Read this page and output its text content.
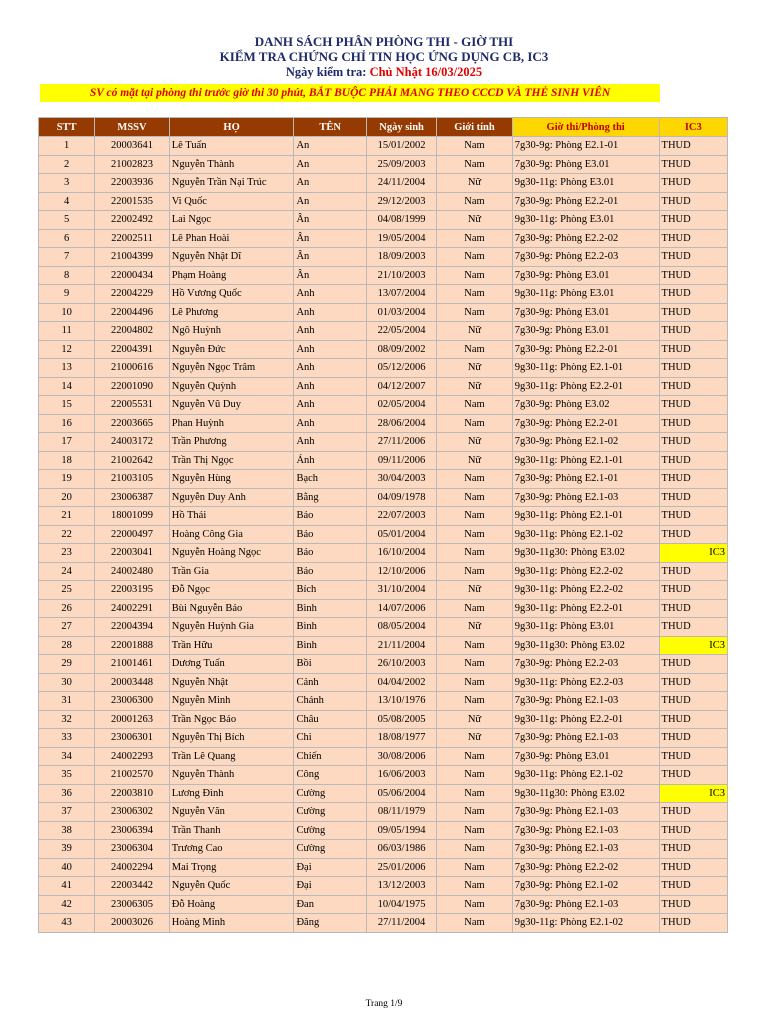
DANH SÁCH PHÂN PHÒNG THI - GIỜ THI
KIỂM TRA CHỨNG CHỈ TIN HỌC ỨNG DỤNG CB, IC3
Ngày kiểm tra: Chủ Nhật 16/03/2025
SV có mặt tại phòng thi trước giờ thi 30 phút, BẮT BUỘC PHẢI MANG THEO CCCD VÀ THẺ SINH VIÊN
STT	MSSV	HỌ	TÊN	Ngày sinh	Giới tính	Giờ thi/Phòng thi	IC3
1	20003641	Lê Tuấn	An	15/01/2002	Nam	7g30-9g: Phòng E2.1-01	THUD
2	21002823	Nguyễn Thành	An	25/09/2003	Nam	7g30-9g: Phòng E3.01	THUD
3	22003936	Nguyễn Trần Nại Trúc	An	24/11/2004	Nữ	9g30-11g: Phòng E3.01	THUD
4	22001535	Vi Quốc	An	29/12/2003	Nam	7g30-9g: Phòng E2.2-01	THUD
5	22002492	Lai Ngọc	Ân	04/08/1999	Nữ	9g30-11g: Phòng E3.01	THUD
6	22002511	Lê Phan Hoài	Ân	19/05/2004	Nam	7g30-9g: Phòng E2.2-02	THUD
7	21004399	Nguyễn Nhật Dĩ	Ân	18/09/2003	Nam	7g30-9g: Phòng E2.2-03	THUD
8	22000434	Phạm Hoàng	Ân	21/10/2003	Nam	7g30-9g: Phòng E3.01	THUD
9	22004229	Hồ Vương Quốc	Anh	13/07/2004	Nam	9g30-11g: Phòng E3.01	THUD
10	22004496	Lê Phương	Anh	01/03/2004	Nam	7g30-9g: Phòng E3.01	THUD
11	22004802	Ngô Huỳnh	Anh	22/05/2004	Nữ	7g30-9g: Phòng E3.01	THUD
12	22004391	Nguyễn Đức	Anh	08/09/2002	Nam	7g30-9g: Phòng E2.2-01	THUD
13	21000616	Nguyễn Ngọc Trâm	Anh	05/12/2006	Nữ	9g30-11g: Phòng E2.1-01	THUD
14	22001090	Nguyễn Quỳnh	Anh	04/12/2007	Nữ	9g30-11g: Phòng E2.2-01	THUD
15	22005531	Nguyễn Vũ Duy	Anh	02/05/2004	Nam	7g30-9g: Phòng E3.02	THUD
16	22003665	Phan Huỳnh	Anh	28/06/2004	Nam	7g30-9g: Phòng E2.2-01	THUD
17	24003172	Trần Phương	Anh	27/11/2006	Nữ	7g30-9g: Phòng E2.1-02	THUD
18	21002642	Trần Thị Ngọc	Ánh	09/11/2006	Nữ	9g30-11g: Phòng E2.1-01	THUD
19	21003105	Nguyễn Hùng	Bạch	30/04/2003	Nam	7g30-9g: Phòng E2.1-01	THUD
20	23006387	Nguyễn Duy Anh	Bằng	04/09/1978	Nam	7g30-9g: Phòng E2.1-03	THUD
21	18001099	Hồ Thái	Bảo	22/07/2003	Nam	9g30-11g: Phòng E2.1-01	THUD
22	22000497	Hoàng Công Gia	Bảo	05/01/2004	Nam	9g30-11g: Phòng E2.1-02	THUD
23	22003041	Nguyễn Hoàng Ngọc	Bảo	16/10/2004	Nam	9g30-11g30: Phòng E3.02	IC3
24	24002480	Trần Gia	Bảo	12/10/2006	Nam	9g30-11g: Phòng E2.2-02	THUD
25	22003195	Đỗ Ngọc	Bích	31/10/2004	Nữ	9g30-11g: Phòng E2.2-02	THUD
26	24002291	Bùi Nguyễn Bảo	Bình	14/07/2006	Nam	9g30-11g: Phòng E2.2-01	THUD
27	22004394	Nguyễn Huỳnh Gia	Bình	08/05/2004	Nữ	9g30-11g: Phòng E3.01	THUD
28	22001888	Trần Hữu	Bình	21/11/2004	Nam	9g30-11g30: Phòng E3.02	IC3
29	21001461	Dương Tuấn	Bồi	26/10/2003	Nam	7g30-9g: Phòng E2.2-03	THUD
30	20003448	Nguyễn Nhật	Cảnh	04/04/2002	Nam	9g30-11g: Phòng E2.2-03	THUD
31	23006300	Nguyễn Minh	Chánh	13/10/1976	Nam	7g30-9g: Phòng E2.1-03	THUD
32	20001263	Trần Ngọc Bảo	Châu	05/08/2005	Nữ	9g30-11g: Phòng E2.2-01	THUD
33	23006301	Nguyễn Thị Bích	Chi	18/08/1977	Nữ	7g30-9g: Phòng E2.1-03	THUD
34	24002293	Trần Lê Quang	Chiến	30/08/2006	Nam	7g30-9g: Phòng E3.01	THUD
35	21002570	Nguyễn Thành	Công	16/06/2003	Nam	9g30-11g: Phòng E2.1-02	THUD
36	22003810	Lương Đình	Cường	05/06/2004	Nam	9g30-11g30: Phòng E3.02	IC3
37	23006302	Nguyễn Văn	Cường	08/11/1979	Nam	7g30-9g: Phòng E2.1-03	THUD
38	23006394	Trần Thanh	Cường	09/05/1994	Nam	7g30-9g: Phòng E2.1-03	THUD
39	23006304	Trương Cao	Cường	06/03/1986	Nam	7g30-9g: Phòng E2.1-03	THUD
40	24002294	Mai Trọng	Đại	25/01/2006	Nam	7g30-9g: Phòng E2.2-02	THUD
41	22003442	Nguyễn Quốc	Đại	13/12/2003	Nam	7g30-9g: Phòng E2.1-02	THUD
42	23006305	Đỗ Hoàng	Đan	10/04/1975	Nam	7g30-9g: Phòng E2.1-03	THUD
43	20003026	Hoàng Minh	Đăng	27/11/2004	Nam	9g30-11g: Phòng E2.1-02	THUD
Trang 1/9
